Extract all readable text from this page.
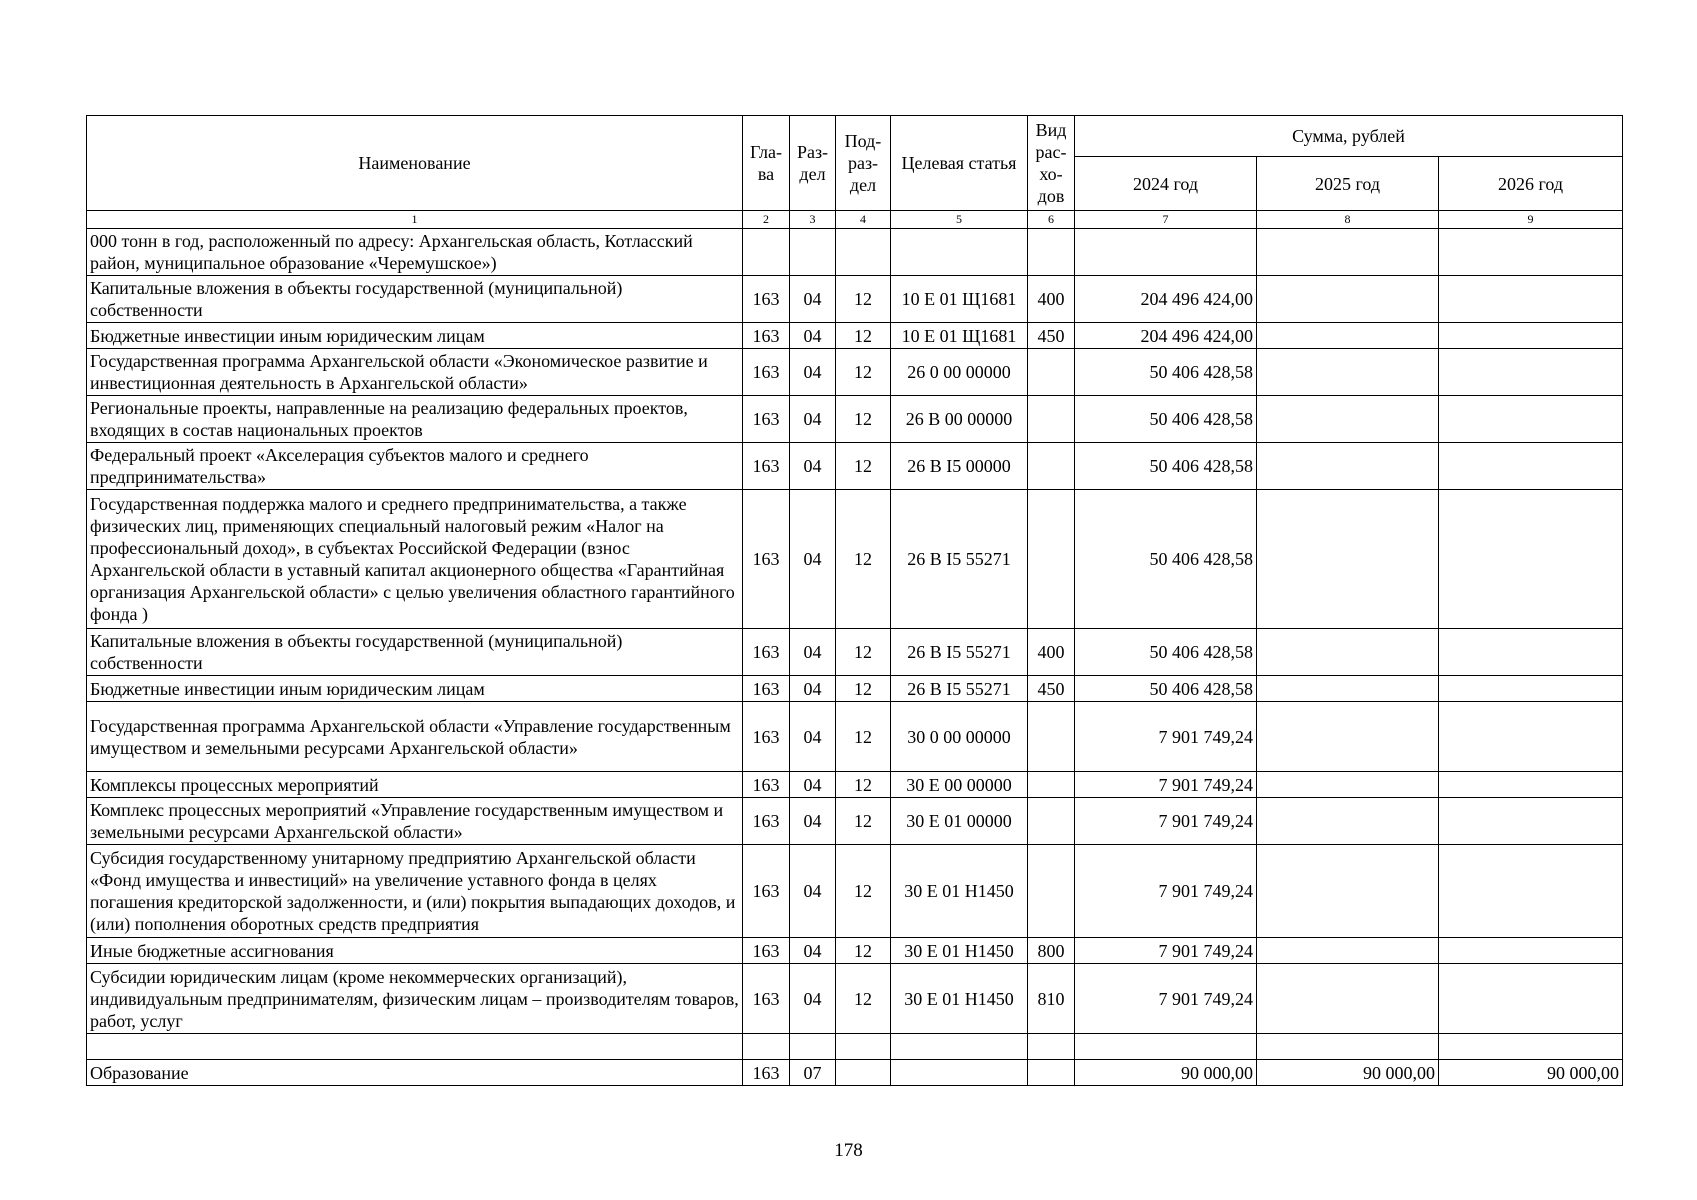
Наименование	Гла-ва	Раз-дел	Под-раз-дел	Целевая статья	Вид рас-хо-дов	Сумма, рублей		
						2024 год	2025 год	2026 год
1	2	3	4	5	6	7	8	9
000 тонн в год, расположенный по адресу: Архангельская область, Котласский район, муниципальное образование «Черемушское»)								
Капитальные вложения в объекты государственной (муниципальной) собственности	163	04	12	10 Е 01 Щ1681	400	204 496 424,00		
Бюджетные инвестиции иным юридическим лицам	163	04	12	10 Е 01 Щ1681	450	204 496 424,00		
Государственная программа Архангельской области «Экономическое развитие и инвестиционная деятельность в Архангельской области»	163	04	12	26 0 00 00000		50 406 428,58		
Региональные проекты, направленные на реализацию федеральных проектов, входящих в состав национальных проектов	163	04	12	26 В 00 00000		50 406 428,58		
Федеральный проект «Акселерация субъектов малого и среднего предпринимательства»	163	04	12	26 В I5 00000		50 406 428,58		
Государственная поддержка малого и среднего предпринимательства, а также физических лиц, применяющих специальный налоговый режим «Налог на профессиональный доход», в субъектах Российской Федерации (взнос Архангельской области в уставный капитал акционерного общества «Гарантийная организация Архангельской области» с целью увеличения областного гарантийного фонда )	163	04	12	26 В I5 55271		50 406 428,58		
Капитальные вложения в объекты государственной (муниципальной) собственности	163	04	12	26 В I5 55271	400	50 406 428,58		
Бюджетные инвестиции иным юридическим лицам	163	04	12	26 В I5 55271	450	50 406 428,58		
Государственная программа Архангельской области «Управление государственным имуществом и земельными ресурсами Архангельской области»	163	04	12	30 0 00 00000		7 901 749,24		
Комплексы процессных мероприятий	163	04	12	30 Е 00 00000		7 901 749,24		
Комплекс процессных мероприятий «Управление государственным имуществом и земельными ресурсами Архангельской области»	163	04	12	30 Е 01 00000		7 901 749,24		
Субсидия государственному унитарному предприятию Архангельской области «Фонд имущества и инвестиций» на увеличение уставного фонда в целях погашения кредиторской задолженности, и (или) покрытия выпадающих доходов, и (или) пополнения оборотных средств предприятия	163	04	12	30 Е 01 Н1450		7 901 749,24		
Иные бюджетные ассигнования	163	04	12	30 Е 01 Н1450	800	7 901 749,24		
Субсидии юридическим лицам (кроме некоммерческих организаций), индивидуальным предпринимателям, физическим лицам – производителям товаров, работ, услуг	163	04	12	30 Е 01 Н1450	810	7 901 749,24		

Образование	163	07				90 000,00	90 000,00	90 000,00
178
